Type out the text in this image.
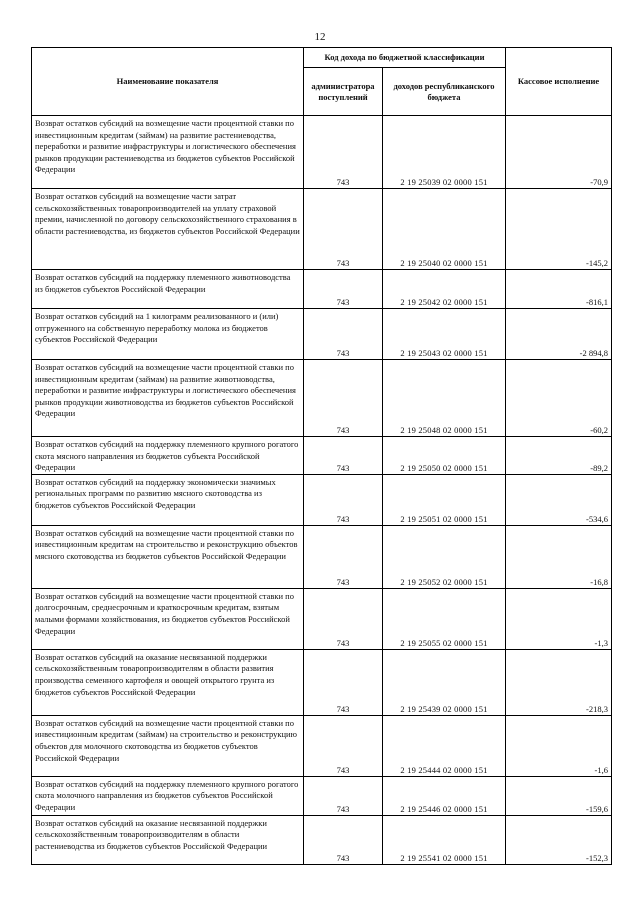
12
Наименование показателя	Код дохода по бюджетной классификации		Кассовое исполнение
	администратора поступлений	доходов республиканского бюджета	
Возврат остатков субсидий на возмещение части процентной ставки по инвестиционным кредитам (займам) на развитие растениеводства, переработки и развитие инфраструктуры и логистического обеспечения рынков продукции растениеводства из бюджетов субъектов Российской Федерации	743	2 19 25039 02 0000 151	-70,9
Возврат остатков субсидий на возмещение части затрат сельскохозяйственных товаропроизводителей на уплату страховой премии, начисленной по договору сельскохозяйственного страхования в области растениеводства, из бюджетов субъектов Российской Федерации	743	2 19 25040 02 0000 151	-145,2
Возврат остатков субсидий на поддержку племенного животноводства из бюджетов субъектов Российской Федерации	743	2 19 25042 02 0000 151	-816,1
Возврат остатков субсидий на 1 килограмм реализованного и (или) отгруженного на собственную переработку молока из бюджетов субъектов Российской Федерации	743	2 19 25043 02 0000 151	-2 894,8
Возврат остатков субсидий на возмещение части процентной ставки по инвестиционным кредитам (займам) на развитие животноводства, переработки и развитие инфраструктуры и логистического обеспечения рынков продукции животноводства из бюджетов субъектов Российской Федерации	743	2 19 25048 02 0000 151	-60,2
Возврат остатков субсидий на поддержку племенного крупного рогатого скота мясного направления из бюджетов субъекта Российской Федерации	743	2 19 25050 02 0000 151	-89,2
Возврат остатков субсидий на поддержку экономически значимых региональных программ по развитию мясного скотоводства из бюджетов субъектов Российской Федерации	743	2 19 25051 02 0000 151	-534,6
Возврат остатков субсидий на возмещение части процентной ставки по инвестиционным кредитам на строительство и реконструкцию объектов мясного скотоводства из бюджетов субъектов Российской Федерации	743	2 19 25052 02 0000 151	-16,8
Возврат остатков субсидий на возмещение части процентной ставки по долгосрочным, среднесрочным и краткосрочным кредитам, взятым малыми формами хозяйствования, из бюджетов субъектов Российской Федерации	743	2 19 25055 02 0000 151	-1,3
Возврат остатков субсидий на оказание несвязанной поддержки сельскохозяйственным товаропроизводителям в области развития производства семенного картофеля и овощей открытого грунта из бюджетов субъектов Российской Федерации	743	2 19 25439 02 0000 151	-218,3
Возврат остатков субсидий на возмещение части процентной ставки по инвестиционным кредитам (займам) на строительство и реконструкцию объектов для молочного скотоводства из бюджетов субъектов Российской Федерации	743	2 19 25444 02 0000 151	-1,6
Возврат остатков субсидий на поддержку племенного крупного рогатого скота молочного направления из бюджетов субъектов Российской Федерации	743	2 19 25446 02 0000 151	-159,6
Возврат остатков субсидий на оказание несвязанной поддержки сельскохозяйственным товаропроизводителям в области растениеводства из бюджетов субъектов Российской Федерации	743	2 19 25541 02 0000 151	-152,3
